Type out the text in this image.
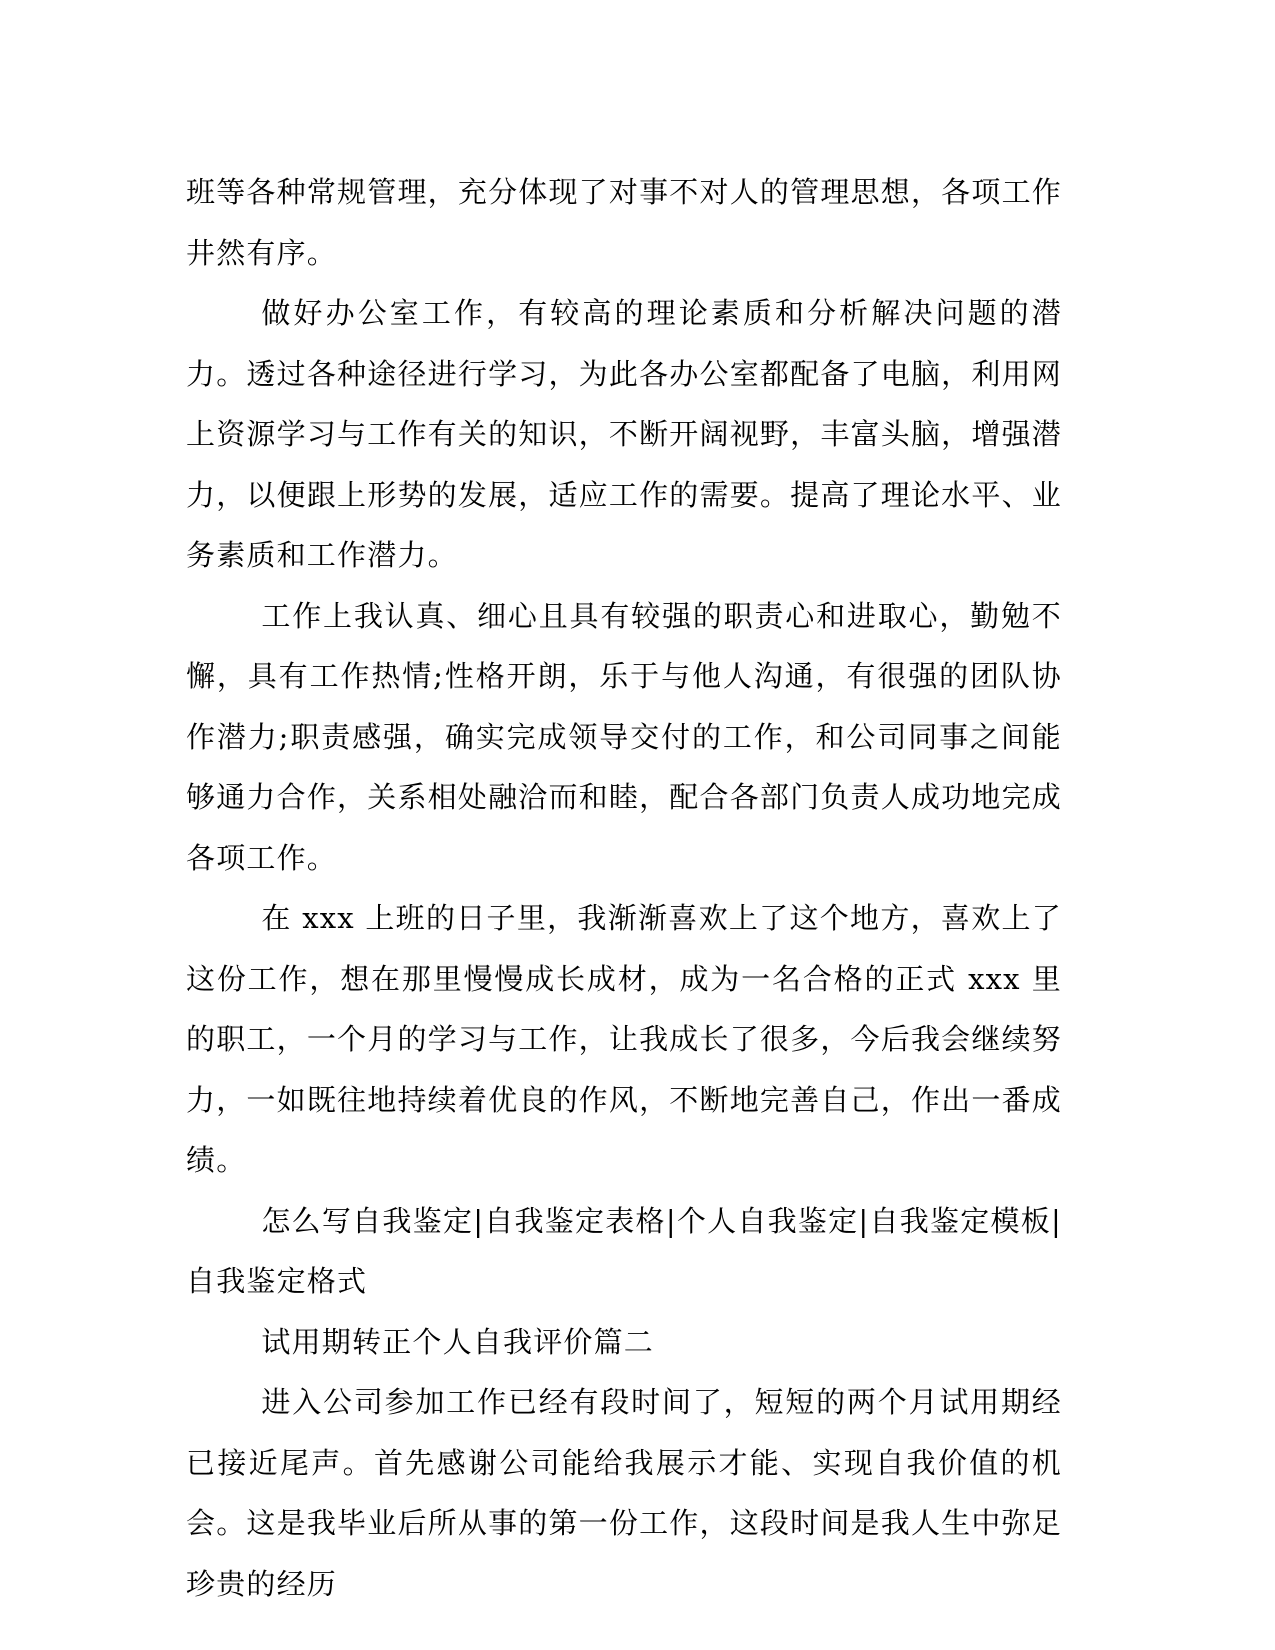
班等各种常规管理，充分体现了对事不对人的管理思想，各项工作井然有序。

做好办公室工作，有较高的理论素质和分析解决问题的潜力。透过各种途径进行学习，为此各办公室都配备了电脑，利用网上资源学习与工作有关的知识，不断开阔视野，丰富头脑，增强潜力，以便跟上形势的发展，适应工作的需要。提高了理论水平、业务素质和工作潜力。

工作上我认真、细心且具有较强的职责心和进取心，勤勉不懈，具有工作热情;性格开朗，乐于与他人沟通，有很强的团队协作潜力;职责感强，确实完成领导交付的工作，和公司同事之间能够通力合作，关系相处融洽而和睦，配合各部门负责人成功地完成各项工作。

在 xxx 上班的日子里，我渐渐喜欢上了这个地方，喜欢上了这份工作，想在那里慢慢成长成材，成为一名合格的正式 xxx 里的职工，一个月的学习与工作，让我成长了很多，今后我会继续努力，一如既往地持续着优良的作风，不断地完善自己，作出一番成绩。

怎么写自我鉴定|自我鉴定表格|个人自我鉴定|自我鉴定模板|自我鉴定格式

试用期转正个人自我评价篇二

进入公司参加工作已经有段时间了，短短的两个月试用期经已接近尾声。首先感谢公司能给我展示才能、实现自我价值的机会。这是我毕业后所从事的第一份工作，这段时间是我人生中弥足珍贵的经历
